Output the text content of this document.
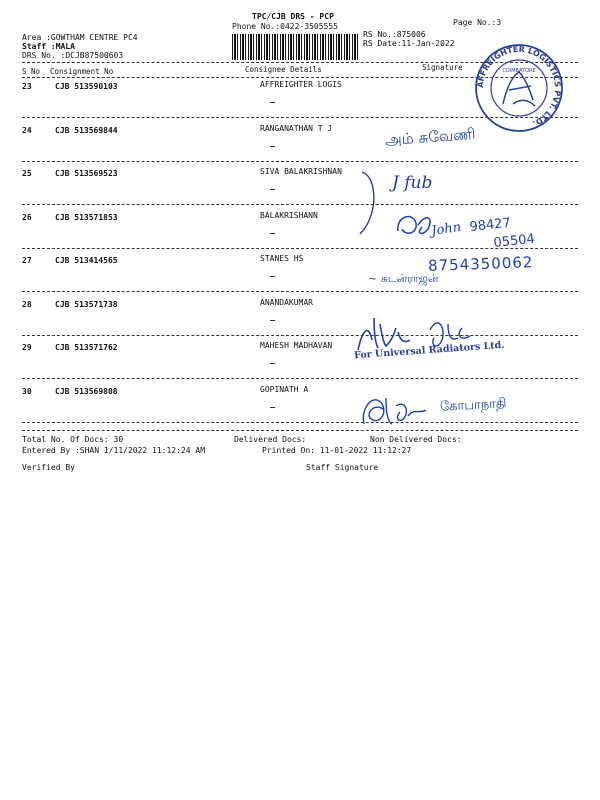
TPC/CJB DRS - PCP
Phone No.:0422-3505555	Page No.:3
Area :GOWTHAM CENTRE PC4
Staff :MALA
DRS No. :DCJB87500603
RS No.:875006
RS Date:11-Jan-2022
S No Consignment No	Consignee Details	Signature
23	CJB 513590103	AFFREIGHTER LOGIS
24	CJB 513569844	RANGANATHAN T J
25	CJB 513569523	SIVA BALAKRISHNAN
26	CJB 513571853	BALAKRISHANN
27	CJB 513414565	STANES HS
28	CJB 513571738	ANANDAKUMAR
29	CJB 513571762	MAHESH MADHAVAN
30	CJB 513569808	GOPINATH A
அம் சுவேணி
J fub
John 98427
05504
8754350062
~ சுடன்ராஜன்
For Universal Radiators Ltd.
கோபாநாதி
AFFREIGHTER LOGISTICS PVT. LTD.
COIMBATORE
Total No. Of Docs: 30	Delivered Docs:	Non Delivered Docs:
Entered By :SHAN 1/11/2022 11:12:24 AM	Printed On: 11-01-2022 11:12:27
Verified By	Staff Signature
